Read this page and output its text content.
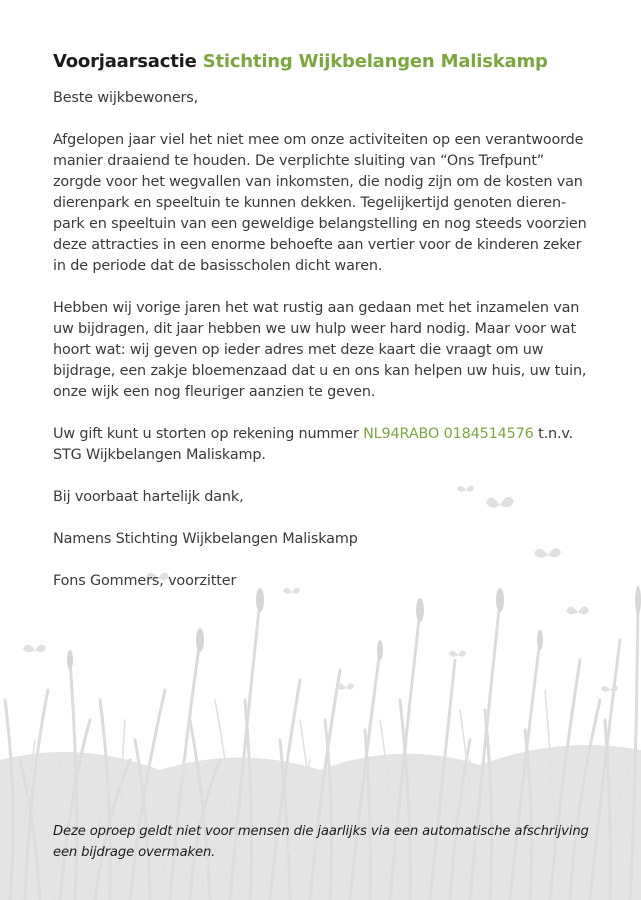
Voorjaarsactie Stichting Wijkbelangen Maliskamp

Beste wijkbewoners,

Afgelopen jaar viel het niet mee om onze activiteiten op een verantwoorde manier draaiend te houden. De verplichte sluiting van “Ons Trefpunt” zorgde voor het wegvallen van inkomsten, die nodig zijn om de kosten van dierenpark en speeltuin te kunnen dekken. Tegelijkertijd genoten dieren-park en speeltuin van een geweldige belangstelling en nog steeds voorzien deze attracties in een enorme behoefte aan vertier voor de kinderen zeker in de periode dat de basisscholen dicht waren.

Hebben wij vorige jaren het wat rustig aan gedaan met het inzamelen van uw bijdragen, dit jaar hebben we uw hulp weer hard nodig. Maar voor wat hoort wat: wij geven op ieder adres met deze kaart die vraagt om uw bijdrage, een zakje bloemenzaad dat u en ons kan helpen uw huis, uw tuin, onze wijk een nog fleuriger aanzien te geven.

Uw gift kunt u storten op rekening nummer NL94RABO 0184514576 t.n.v. STG Wijkbelangen Maliskamp.

Bij voorbaat hartelijk dank,

Namens Stichting Wijkbelangen Maliskamp

Fons Gommers, voorzitter

Deze oproep geldt niet voor mensen die jaarlijks via een automatische afschrijving een bijdrage overmaken.
